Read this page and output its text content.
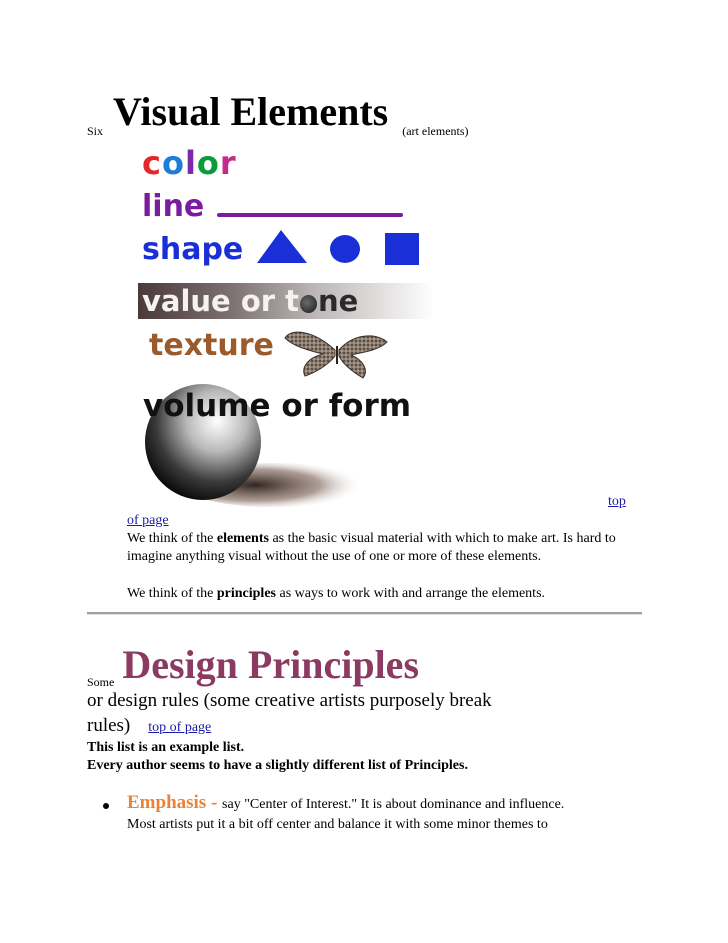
$_{Six}$ Visual Elements $_{(art elements)}$
color
line
shape
value or t ne
texture
volume or form
top
of page
We think of the elements as the basic visual material with which to make art. Is hard to imagine anything visual without the use of one or more of these elements.
We think of the principles as ways to work with and arrange the elements.
$_{Some}$ Design Principles
or design rules (some creative artists purposely break
rules) top of page
This list is an example list.
Every author seems to have a slightly different list of Principles.
Emphasis - say "Center of Interest." It is about dominance and influence.
Most artists put it a bit off center and balance it with some minor themes to
